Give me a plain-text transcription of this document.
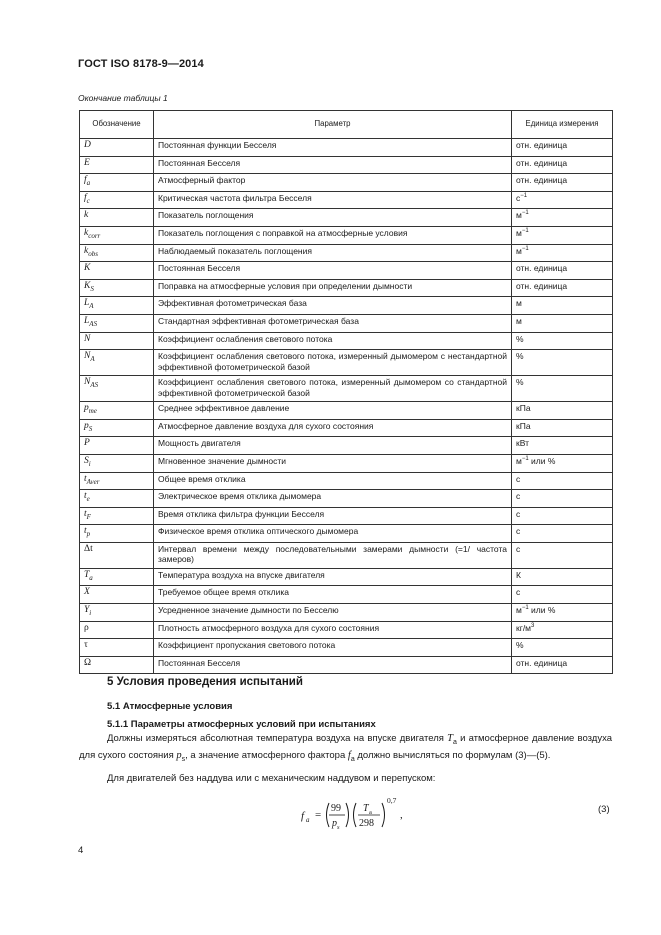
ГОСТ ISO 8178-9—2014
Окончание таблицы 1
Обозначение	Параметр	Единица измерения
D	Постоянная функции Бесселя	отн. единица
E	Постоянная Бесселя	отн. единица
$f_a$	Атмосферный фактор	отн. единица
$f_c$	Критическая частота фильтра Бесселя	$с^{-1}$
k	Показатель поглощения	$м^{-1}$
$k_{corr}$	Показатель поглощения с поправкой на атмосферные условия	$м^{-1}$
$k_{obs}$	Наблюдаемый показатель поглощения	$м^{-1}$
K	Постоянная Бесселя	отн. единица
$K_S$	Поправка на атмосферные условия при определении дымности	отн. единица
$L_A$	Эффективная фотометрическая база	м
$L_{AS}$	Стандартная эффективная фотометрическая база	м
N	Коэффициент ослабления светового потока	%
$N_A$	Коэффициент ослабления светового потока, измеренный дымомером с нестандартной эффективной фотометрической базой	%
$N_{AS}$	Коэффициент ослабления светового потока, измеренный дымомером со стандартной эффективной фотометрической базой	%
$p_{me}$	Среднее эффективное давление	кПа
$p_S$	Атмосферное давление воздуха для сухого состояния	кПа
P	Мощность двигателя	кВт
$S_i$	Мгновенное значение дымности	$м^{-1}$ или %
$t_{Aver}$	Общее время отклика	с
$t_e$	Электрическое время отклика дымомера	с
$t_F$	Время отклика фильтра функции Бесселя	с
$t_p$	Физическое время отклика оптического дымомера	с
Δt	Интервал времени между последовательными замерами дымности (=1/ частота замеров)	с
$T_a$	Температура воздуха на впуске двигателя	К
X	Требуемое общее время отклика	с
$Y_i$	Усредненное значение дымности по Бесселю	$м^{-1}$ или %
ρ	Плотность атмосферного воздуха для сухого состояния	$кг/м^3$
τ	Коэффициент пропускания светового потока	%
Ω	Постоянная Бесселя	отн. единица
5 Условия проведения испытаний
5.1 Атмосферные условия
5.1.1 Параметры атмосферных условий при испытаниях
Должны измеряться абсолютная температура воздуха на впуске двигателя $T_a$ и атмосферное давление воздуха для сухого состояния $p_s$, а значение атмосферного фактора $f_a$ должно вычисляться по формулам (3)—(5).
Для двигателей без наддува или с механическим наддувом и перепуском:
f a =
99
p s
T a
298
0,7
,	(3)
4
